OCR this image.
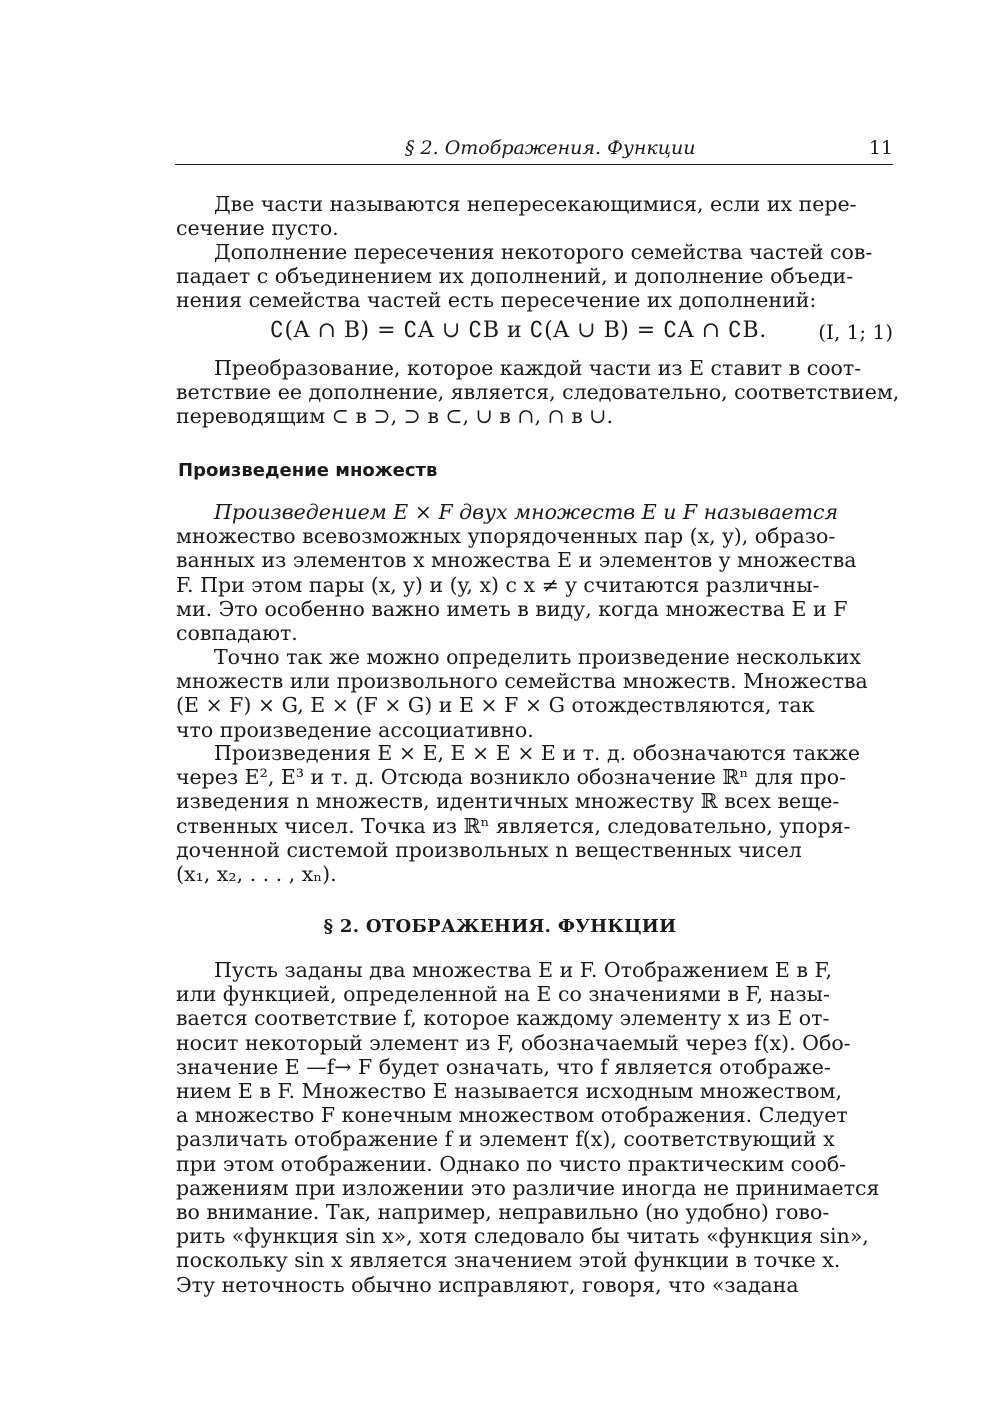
§ 2. Отображения. Функции	11
Две части называются непересекающимися, если их пере-
сечение пусто.
Дополнение пересечения некоторого семейства частей сов-
падает с объединением их дополнений, и дополнение объеди-
нения семейства частей есть пересечение их дополнений:
∁(A ∩ B) = ∁A ∪ ∁B и ∁(A ∪ B) = ∁A ∩ ∁B.	(I, 1; 1)
Преобразование, которое каждой части из E ставит в соот-
ветствие ее дополнение, является, следовательно, соответствием,
переводящим ⊂ в ⊃, ⊃ в ⊂, ∪ в ∩, ∩ в ∪.
Произведение множеств
Произведением E × F двух множеств E и F называется
множество всевозможных упорядоченных пар (x, y), образо-
ванных из элементов x множества E и элементов y множества
F. При этом пары (x, y) и (y, x) с x ≠ y считаются различны-
ми. Это особенно важно иметь в виду, когда множества E и F
совпадают.
Точно так же можно определить произведение нескольких
множеств или произвольного семейства множеств. Множества
(E × F) × G, E × (F × G) и E × F × G отождествляются, так
что произведение ассоциативно.
Произведения E × E, E × E × E и т. д. обозначаются также
через E², E³ и т. д. Отсюда возникло обозначение ℝⁿ для про-
изведения n множеств, идентичных множеству ℝ всех веще-
ственных чисел. Точка из ℝⁿ является, следовательно, упоря-
доченной системой произвольных n вещественных чисел
(x₁, x₂, . . . , xₙ).
§ 2. ОТОБРАЖЕНИЯ. ФУНКЦИИ
Пусть заданы два множества E и F. Отображением E в F,
или функцией, определенной на E со значениями в F, назы-
вается соответствие f, которое каждому элементу x из E от-
носит некоторый элемент из F, обозначаемый через f(x). Обо-
значение E —f→ F будет означать, что f является отображе-
нием E в F. Множество E называется исходным множеством,
а множество F конечным множеством отображения. Следует
различать отображение f и элемент f(x), соответствующий x
при этом отображении. Однако по чисто практическим сооб-
ражениям при изложении это различие иногда не принимается
во внимание. Так, например, неправильно (но удобно) гово-
рить «функция sin x», хотя следовало бы читать «функция sin»,
поскольку sin x является значением этой функции в точке x.
Эту неточность обычно исправляют, говоря, что «задана
